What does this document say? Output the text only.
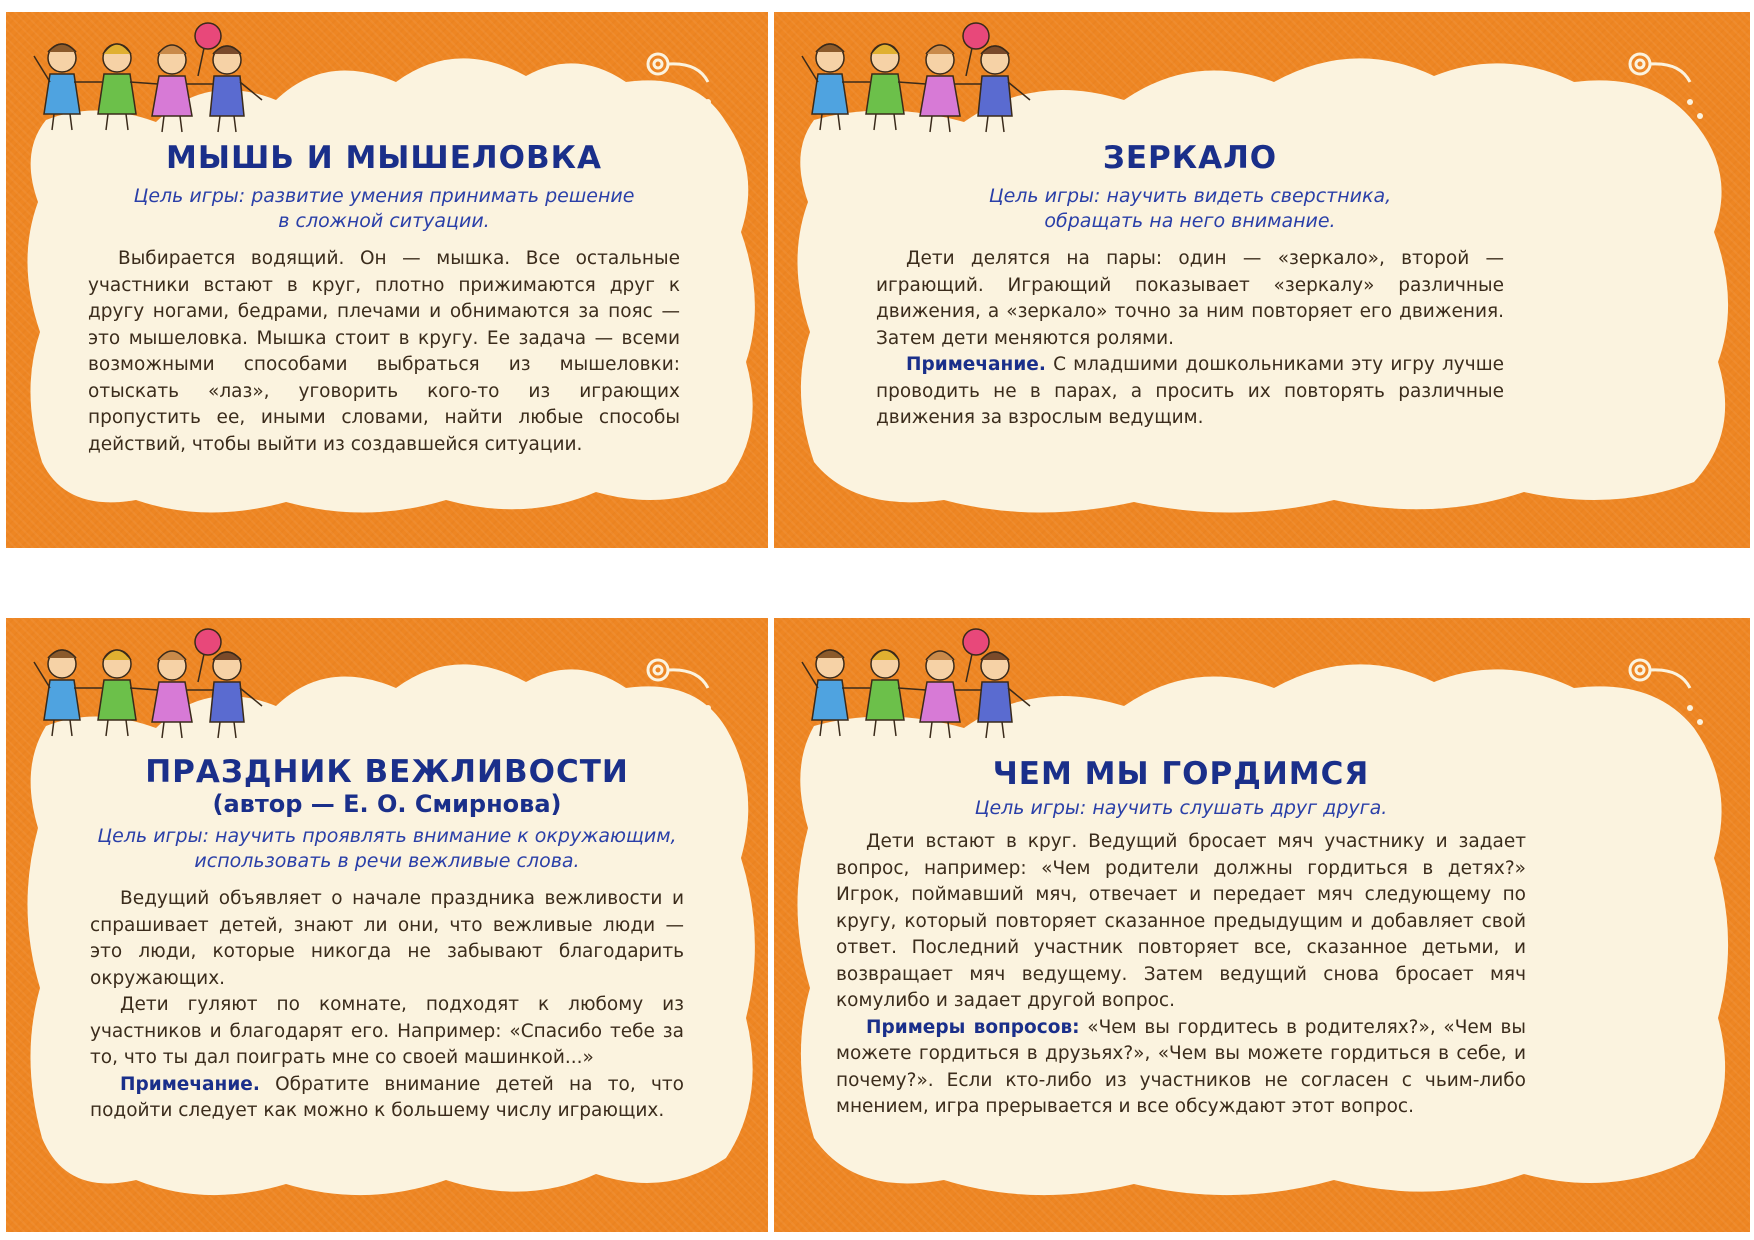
МЫШЬ И МЫШЕЛОВКА
Цель игры: развитие умения принимать решение
в сложной ситуации.

Выбирается водящий. Он — мышка. Все остальные участники встают в круг, плотно прижимаются друг к другу ногами, бедрами, плечами и обнимаются за пояс — это мышеловка. Мышка стоит в кругу. Ее задача — всеми возможными способами выбраться из мышеловки: отыскать «лаз», уговорить кого-то из играющих пропустить ее, иными словами, найти любые способы действий, чтобы выйти из создавшейся ситуации.

ЗЕРКАЛО
Цель игры: научить видеть сверстника,
обращать на него внимание.

Дети делятся на пары: один — «зеркало», второй — играющий. Играющий показывает «зеркалу» различные движения, а «зеркало» точно за ним повторяет его движения. Затем дети меняются ролями.

Примечание. С младшими дошкольниками эту игру лучше проводить не в парах, а просить их повторять различные движения за взрослым ведущим.

ПРАЗДНИК ВЕЖЛИВОСТИ
(автор — Е. О. Смирнова)
Цель игры: научить проявлять внимание к окружающим,
использовать в речи вежливые слова.

Ведущий объявляет о начале праздника вежливости и спрашивает детей, знают ли они, что вежливые люди — это люди, которые никогда не забывают благодарить окружающих.

Дети гуляют по комнате, подходят к любому из участников и благодарят его. Например: «Спасибо тебе за то, что ты дал поиграть мне со своей машинкой...»

Примечание. Обратите внимание детей на то, что подойти следует как можно к большему числу играющих.

ЧЕМ МЫ ГОРДИМСЯ
Цель игры: научить слушать друг друга.

Дети встают в круг. Ведущий бросает мяч участнику и задает вопрос, например: «Чем родители должны гордиться в детях?» Игрок, поймавший мяч, отвечает и передает мяч следующему по кругу, который повторяет сказанное предыдущим и добавляет свой ответ. Последний участник повторяет все, сказанное детьми, и возвращает мяч ведущему. Затем ведущий снова бросает мяч комулибо и задает другой вопрос.

Примеры вопросов: «Чем вы гордитесь в родителях?», «Чем вы можете гордиться в друзьях?», «Чем вы можете гордиться в себе, и почему?». Если кто-либо из участников не согласен с чьим-либо мнением, игра прерывается и все обсуждают этот вопрос.
